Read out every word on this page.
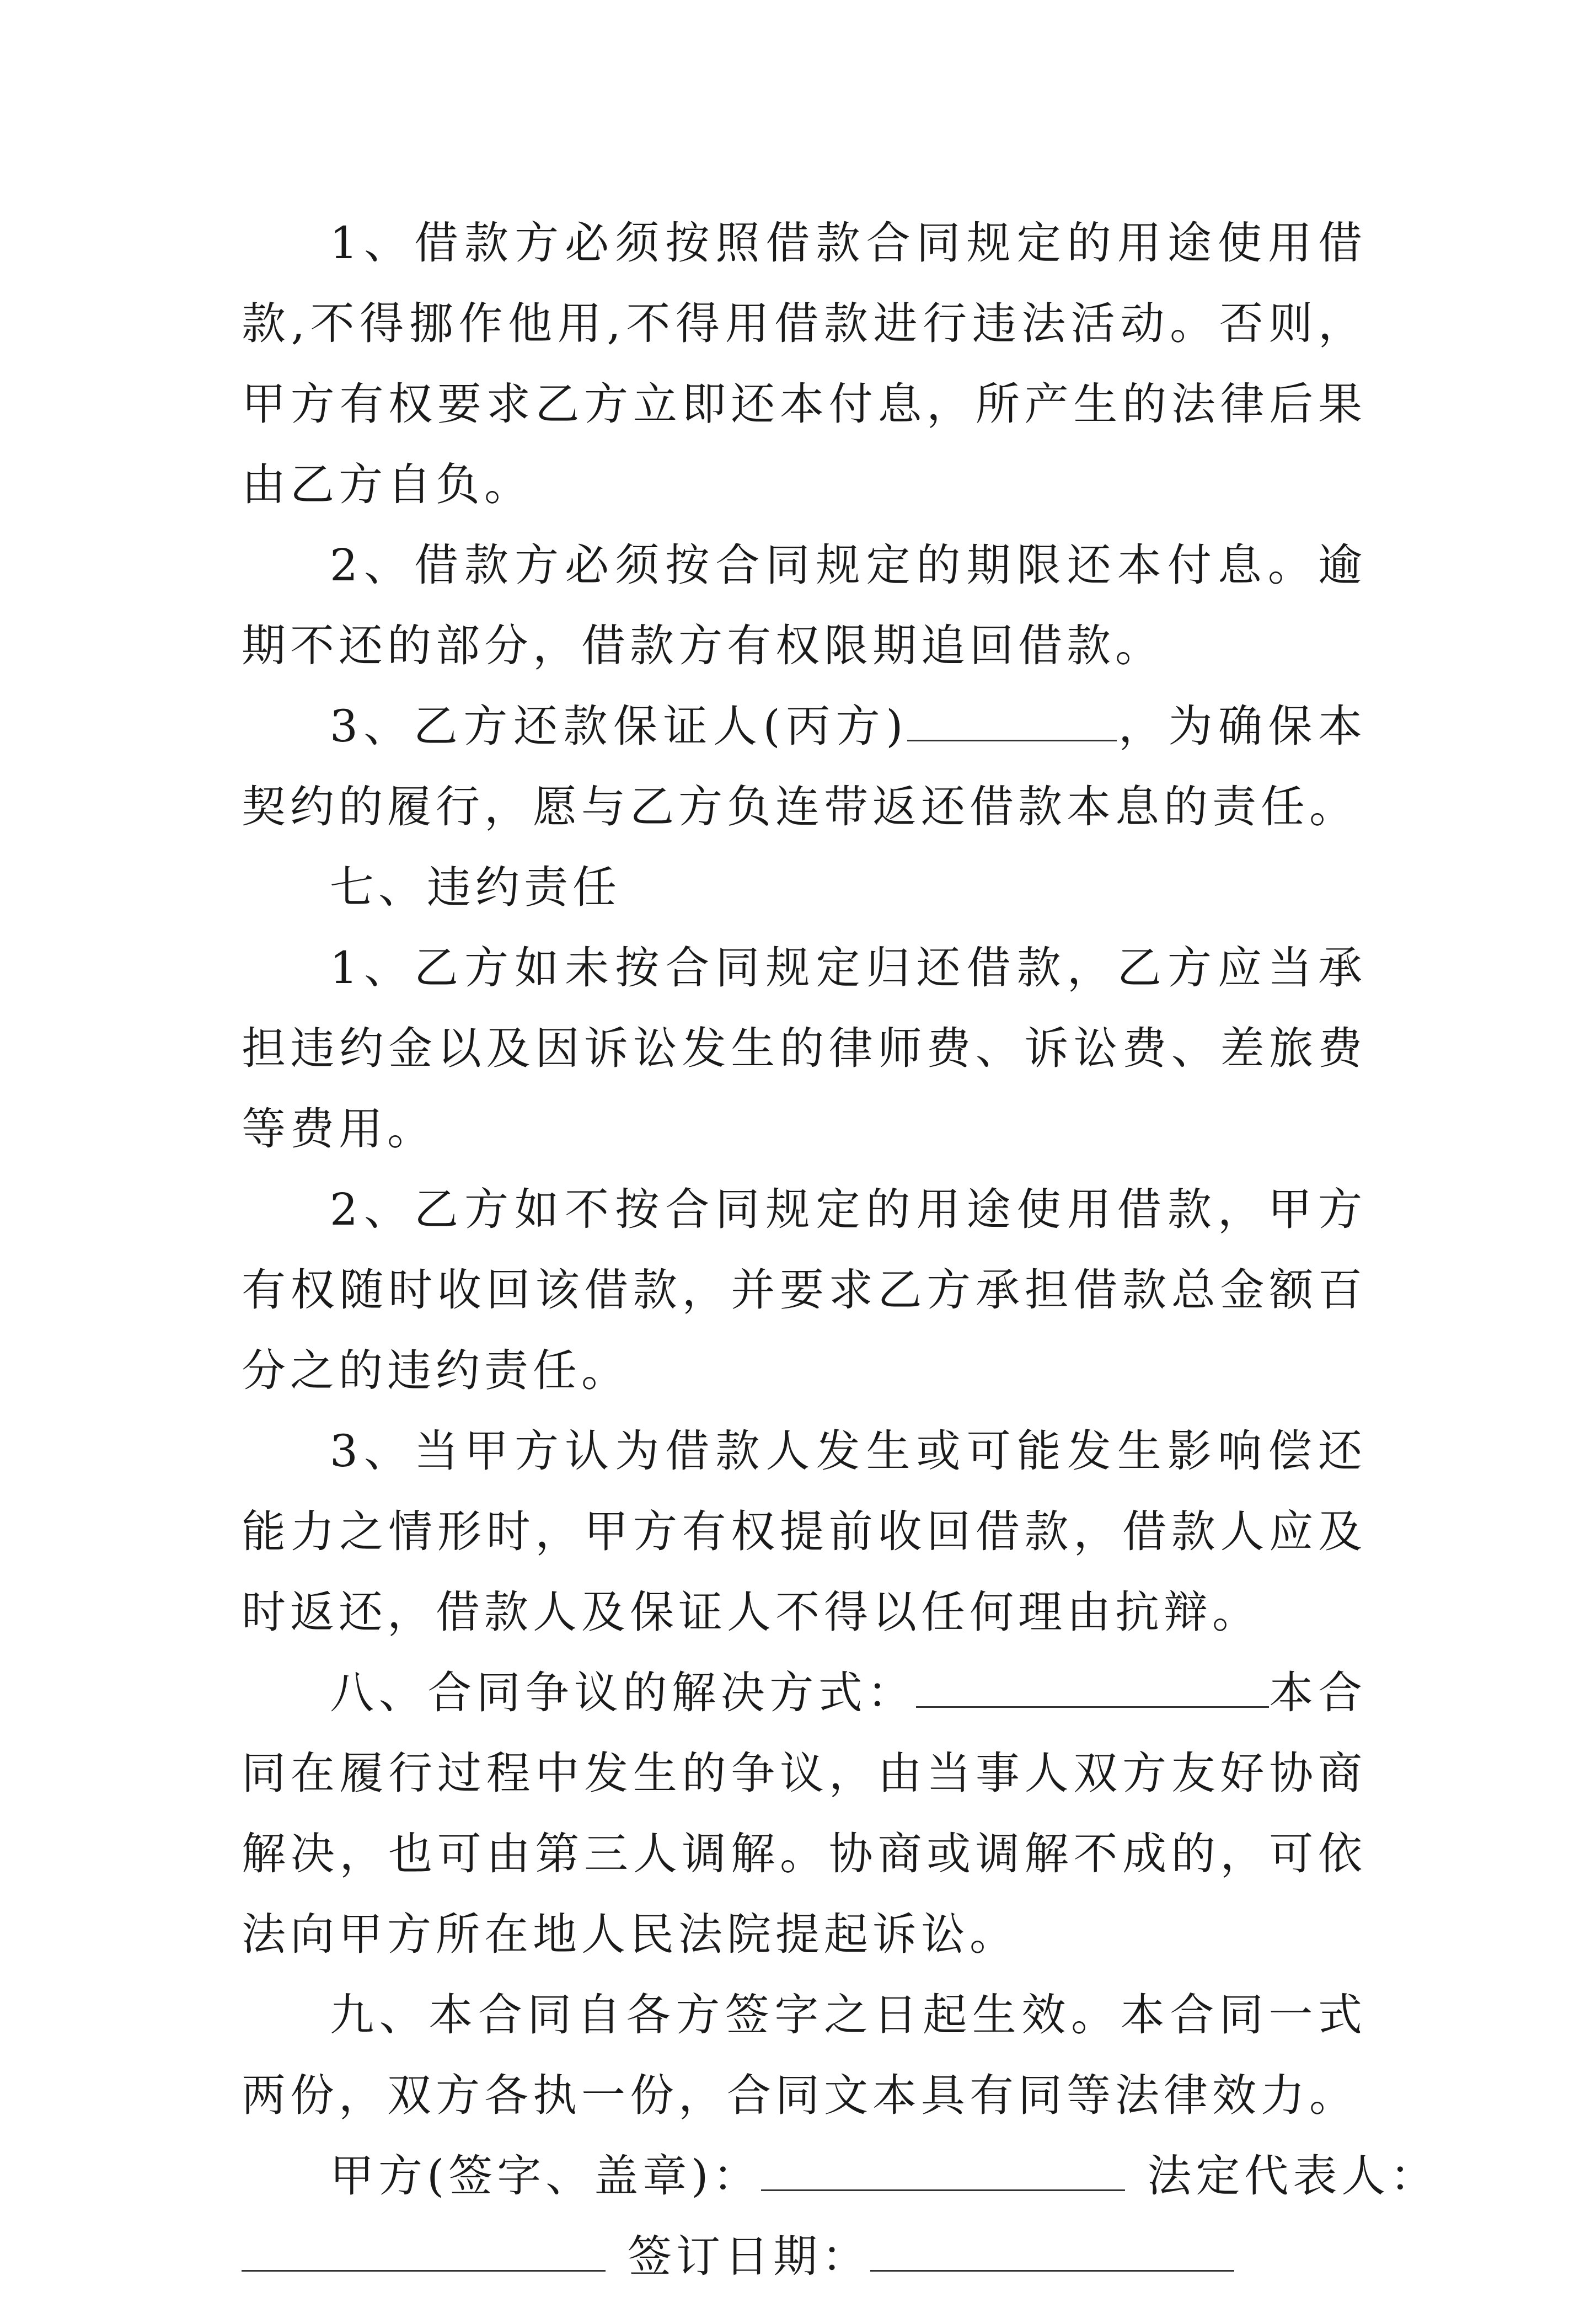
1、借款方必须按照借款合同规定的用途使用借款,不得挪作他用,不得用借款进行违法活动。否则，甲方有权要求乙方立即还本付息，所产生的法律后果由乙方自负。

2、借款方必须按合同规定的期限还本付息。逾期不还的部分，借款方有权限期追回借款。

3、乙方还款保证人(丙方)	，为确保本契约的履行，愿与乙方负连带返还借款本息的责任。

七、违约责任

1、乙方如未按合同规定归还借款，乙方应当承担违约金以及因诉讼发生的律师费、诉讼费、差旅费等费用。

2、乙方如不按合同规定的用途使用借款，甲方有权随时收回该借款，并要求乙方承担借款总金额百分之的违约责任。

3、当甲方认为借款人发生或可能发生影响偿还能力之情形时，甲方有权提前收回借款，借款人应及时返还，借款人及保证人不得以任何理由抗辩。

八、合同争议的解决方式：	本合同在履行过程中发生的争议，由当事人双方友好协商解决，也可由第三人调解。协商或调解不成的，可依法向甲方所在地人民法院提起诉讼。

九、本合同自各方签字之日起生效。本合同一式两份，双方各执一份，合同文本具有同等法律效力。

甲方(签字、盖章)：	法定代表人：
签订日期：
